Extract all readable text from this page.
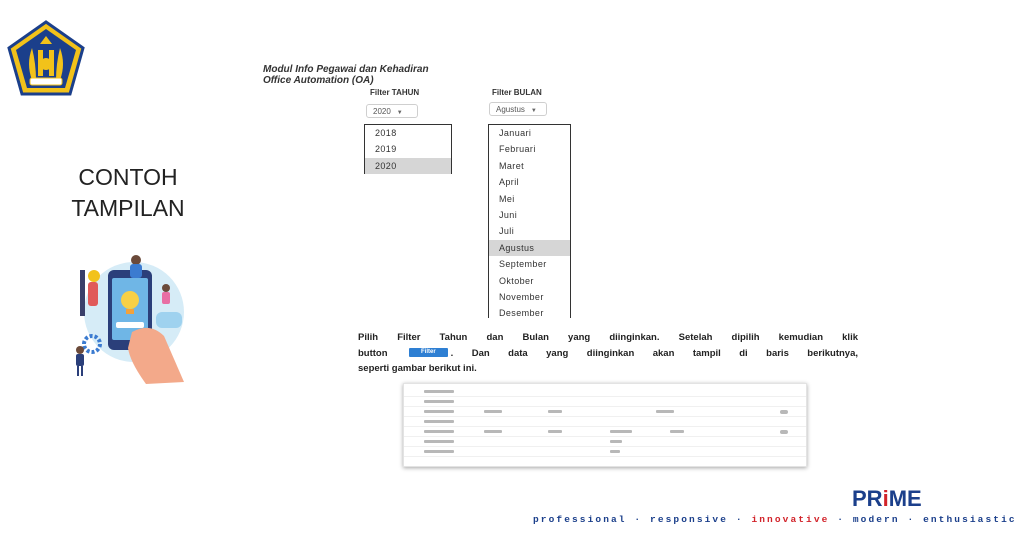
CONTOH
TAMPILAN
Modul Info Pegawai dan Kehadiran
Office Automation (OA)
Filter TAHUN
2020 ▼
2018
2019
2020
Filter BULAN
Agustus ▼
Januari
Februari
Maret
April
Mei
Juni
Juli
Agustus
September
Oktober
November
Desember
Pilih Filter Tahun dan Bulan yang diinginkan. Setelah dipilih kemudian klik
button	Filter . Dan data yang diinginkan akan tampil di baris berikutnya,
seperti gambar berikut ini.
PRiME
professional · responsive · innovative · modern · enthusiastic
